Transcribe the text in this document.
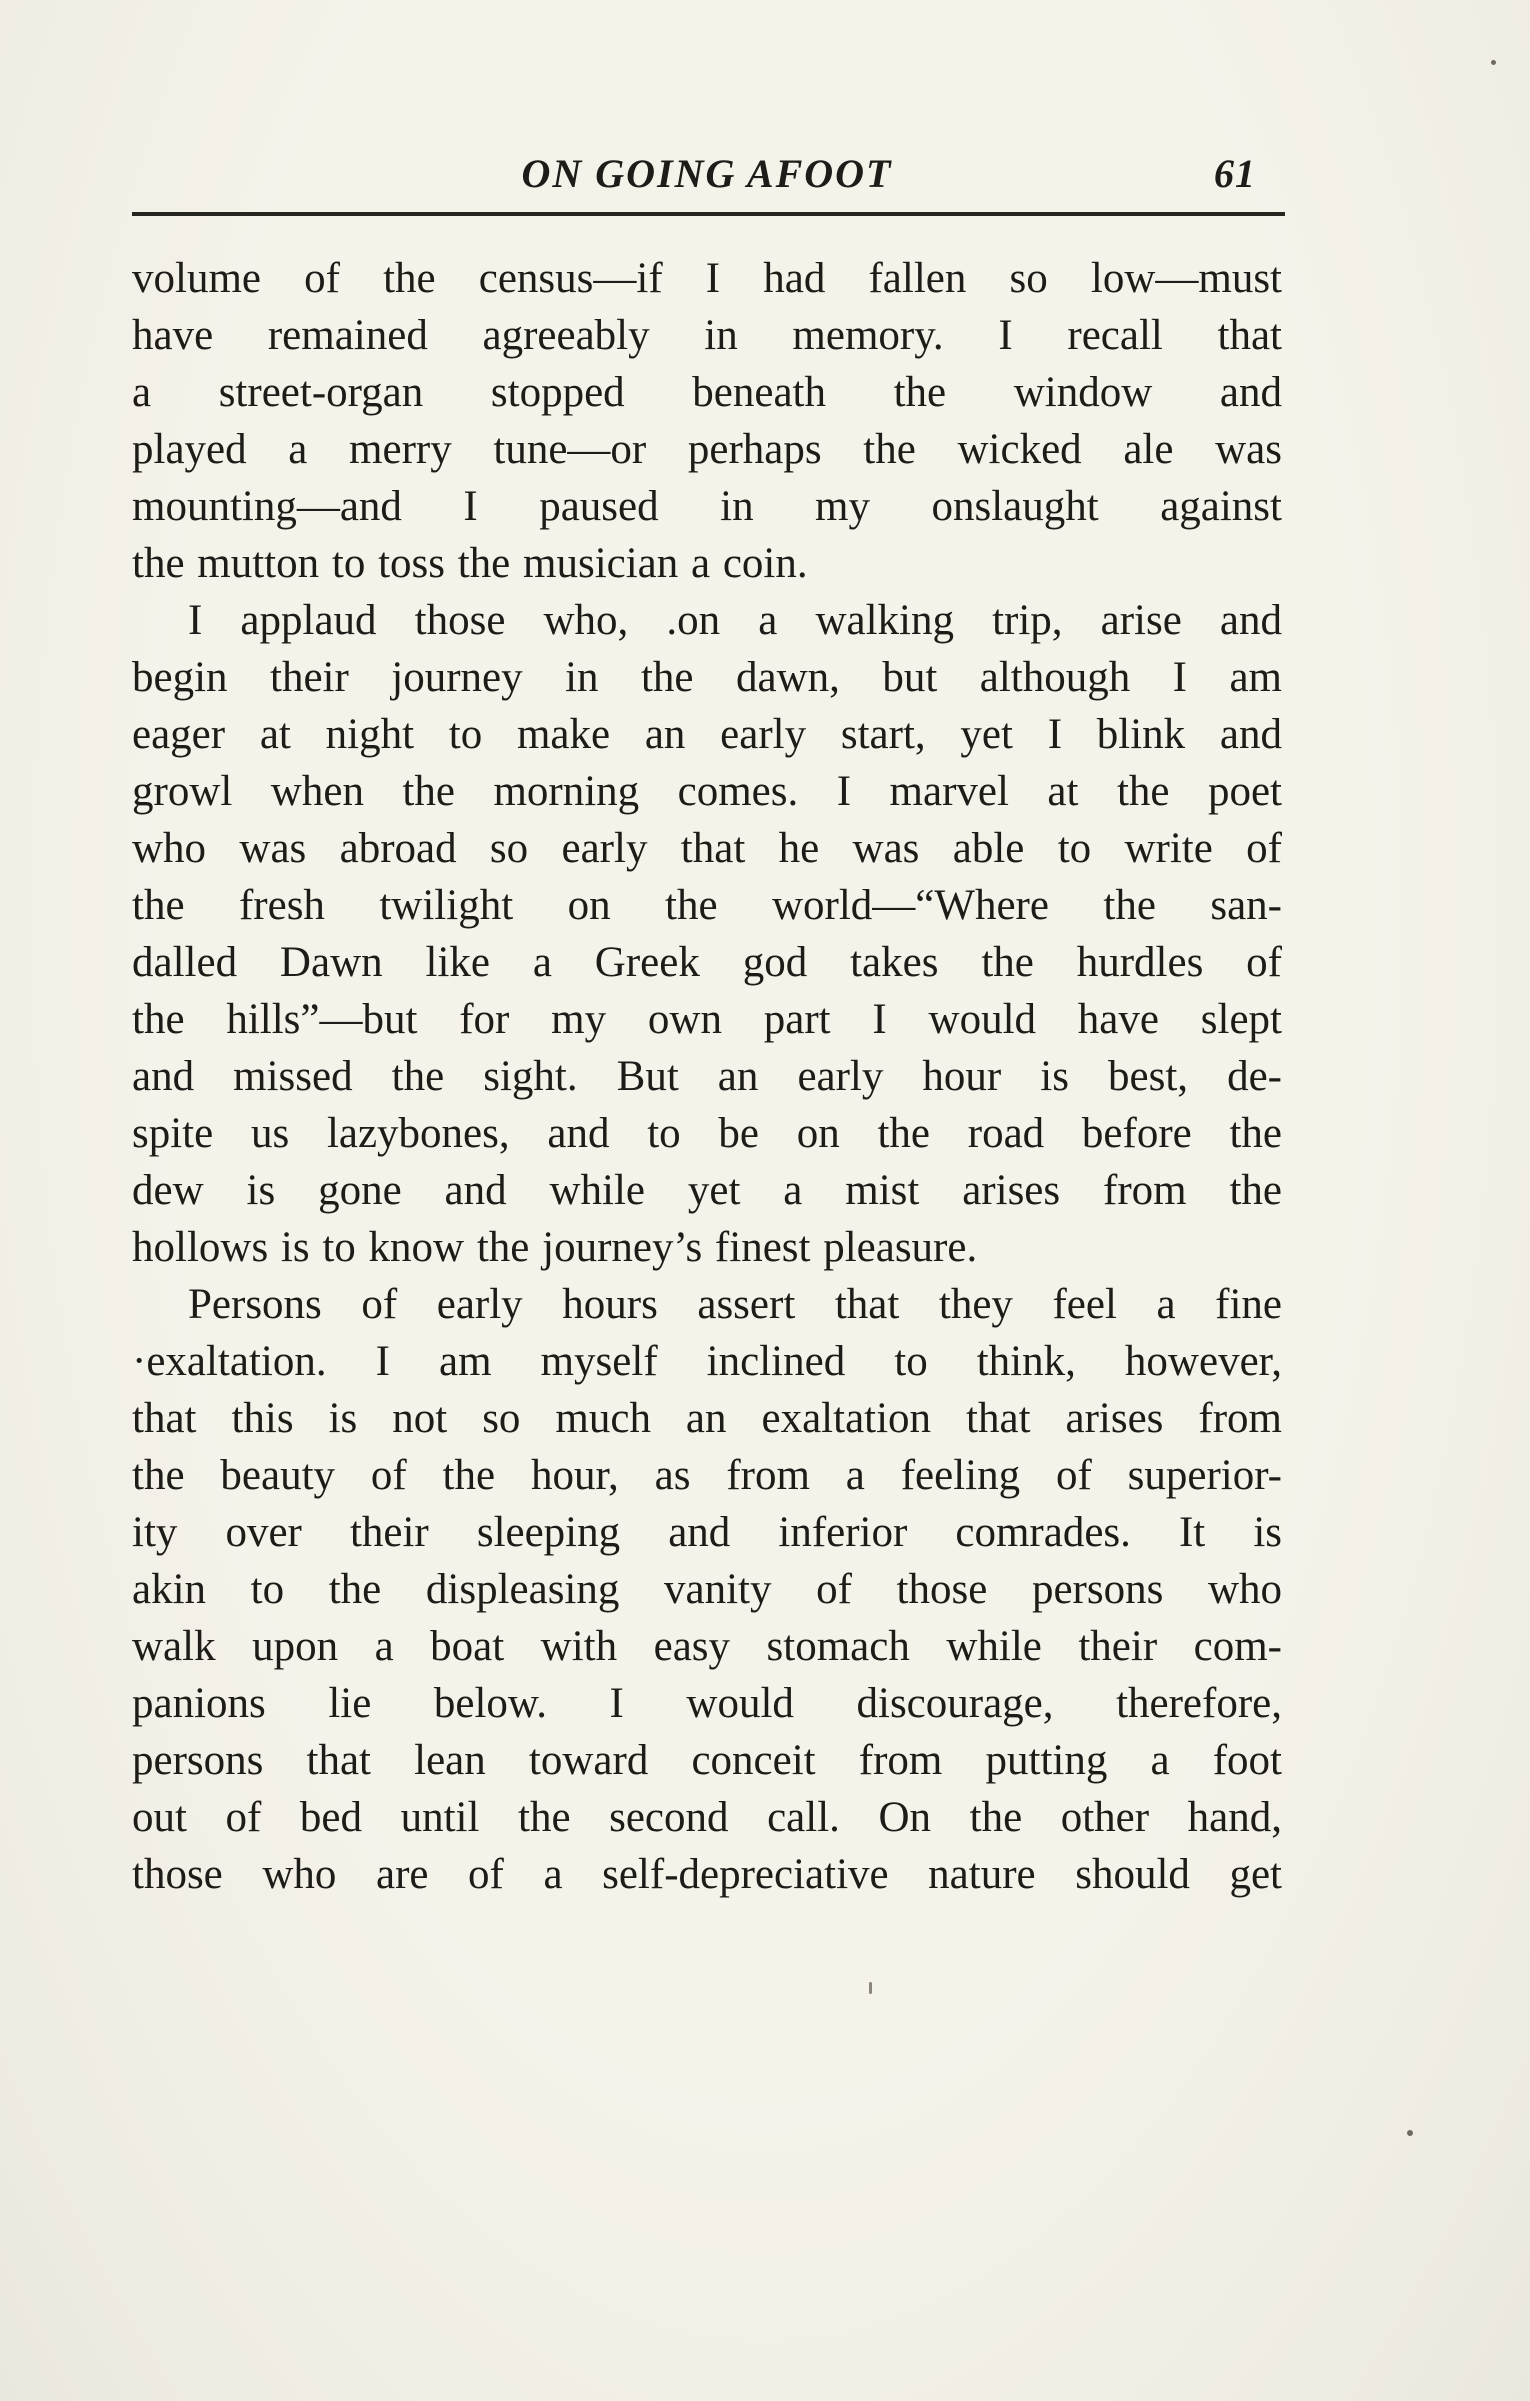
ON GOING AFOOT	61
volume of the census—if I had fallen so low—must
have remained agreeably in memory. I recall that
a street-organ stopped beneath the window and
played a merry tune—or perhaps the wicked ale was
mounting—and I paused in my onslaught against
the mutton to toss the musician a coin.
I applaud those who, .on a walking trip, arise and
begin their journey in the dawn, but although I am
eager at night to make an early start, yet I blink and
growl when the morning comes. I marvel at the poet
who was abroad so early that he was able to write of
the fresh twilight on the world—“Where the san-
dalled Dawn like a Greek god takes the hurdles of
the hills”—but for my own part I would have slept
and missed the sight. But an early hour is best, de-
spite us lazybones, and to be on the road before the
dew is gone and while yet a mist arises from the
hollows is to know the journey’s finest pleasure.
Persons of early hours assert that they feel a fine
·exaltation. I am myself inclined to think, however,
that this is not so much an exaltation that arises from
the beauty of the hour, as from a feeling of superior-
ity over their sleeping and inferior comrades. It is
akin to the displeasing vanity of those persons who
walk upon a boat with easy stomach while their com-
panions lie below. I would discourage, therefore,
persons that lean toward conceit from putting a foot
out of bed until the second call. On the other hand,
those who are of a self-depreciative nature should get
